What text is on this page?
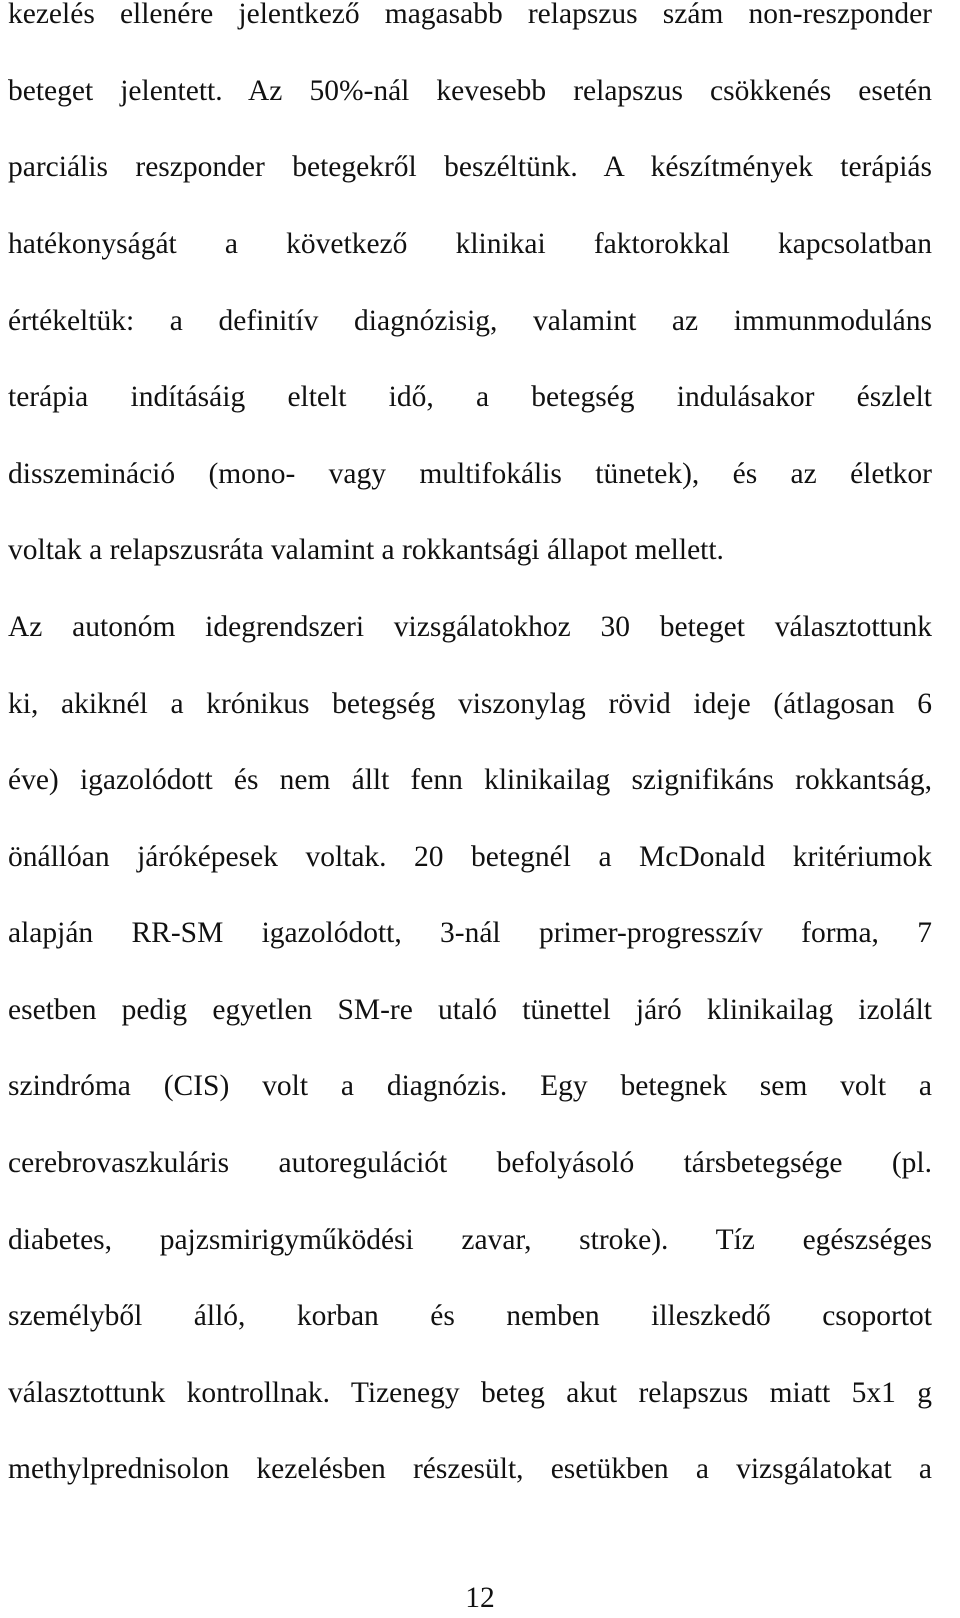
kezelés ellenére jelentkező magasabb relapszus szám non-reszponder
beteget jelentett. Az 50%-nál kevesebb relapszus csökkenés esetén
parciális reszponder betegekről beszéltünk. A készítmények terápiás
hatékonyságát a következő klinikai faktorokkal kapcsolatban
értékeltük: a definitív diagnózisig, valamint az immunmoduláns
terápia indításáig eltelt idő, a betegség indulásakor észlelt
disszemináció (mono- vagy multifokális tünetek), és az életkor
voltak a relapszusráta valamint a rokkantsági állapot mellett.
Az autonóm idegrendszeri vizsgálatokhoz 30 beteget választottunk
ki, akiknél a krónikus betegség viszonylag rövid ideje (átlagosan 6
éve) igazolódott és nem állt fenn klinikailag szignifikáns rokkantság,
önállóan járóképesek voltak. 20 betegnél a McDonald kritériumok
alapján RR-SM igazolódott, 3-nál primer-progresszív forma, 7
esetben pedig egyetlen SM-re utaló tünettel járó klinikailag izolált
szindróma (CIS) volt a diagnózis. Egy betegnek sem volt a
cerebrovaszkuláris autoregulációt befolyásoló társbetegsége (pl.
diabetes, pajzsmirigyműködési zavar, stroke). Tíz egészséges
személyből álló, korban és nemben illeszkedő csoportot
választottunk kontrollnak. Tizenegy beteg akut relapszus miatt 5x1 g
methylprednisolon kezelésben részesült, esetükben a vizsgálatokat a
12
